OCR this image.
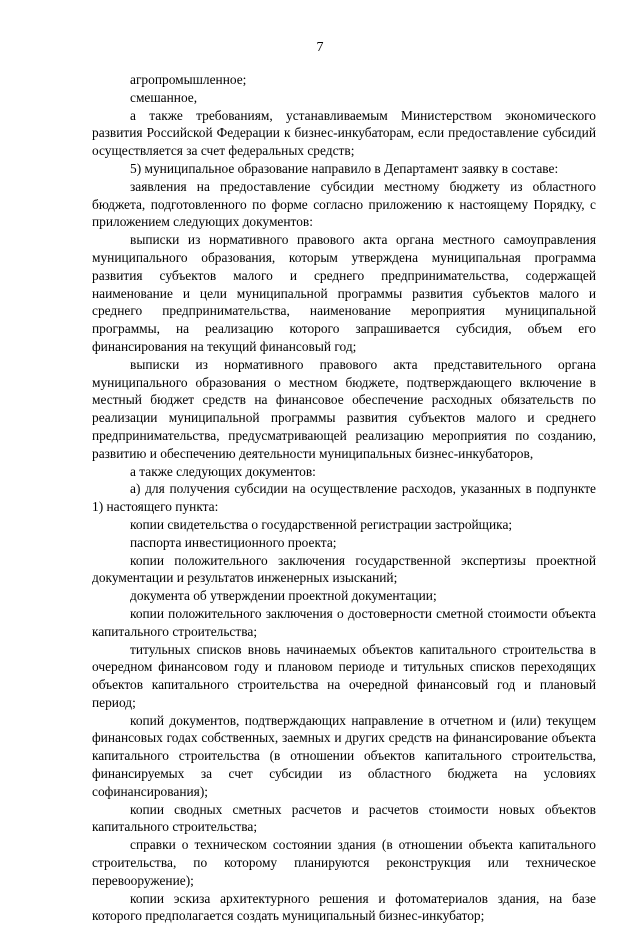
7

агропромышленное;

смешанное,

а также требованиям, устанавливаемым Министерством экономического развития Российской Федерации к бизнес-инкубаторам, если предоставление субсидий осуществляется за счет федеральных средств;

5) муниципальное образование направило в Департамент заявку в составе:

заявления на предоставление субсидии местному бюджету из областного бюджета, подготовленного по форме согласно приложению к настоящему Порядку, с приложением следующих документов:

выписки из нормативного правового акта органа местного самоуправления муниципального образования, которым утверждена муниципальная программа развития субъектов малого и среднего предпринимательства, содержащей наименование и цели муниципальной программы развития субъектов малого и среднего предпринимательства, наименование мероприятия муниципальной программы, на реализацию которого запрашивается субсидия, объем его финансирования на текущий финансовый год;

выписки из нормативного правового акта представительного органа муниципального образования о местном бюджете, подтверждающего включение в местный бюджет средств на финансовое обеспечение расходных обязательств по реализации муниципальной программы развития субъектов малого и среднего предпринимательства, предусматривающей реализацию мероприятия по созданию, развитию и обеспечению деятельности муниципальных бизнес-инкубаторов,

а также следующих документов:

а) для получения субсидии на осуществление расходов, указанных в подпункте 1) настоящего пункта:

копии свидетельства о государственной регистрации застройщика;

паспорта инвестиционного проекта;

копии положительного заключения государственной экспертизы проектной документации и результатов инженерных изысканий;

документа об утверждении проектной документации;

копии положительного заключения о достоверности сметной стоимости объекта капитального строительства;

титульных списков вновь начинаемых объектов капитального строительства в очередном финансовом году и плановом периоде и титульных списков переходящих объектов капитального строительства на очередной финансовый год и плановый период;

копий документов, подтверждающих направление в отчетном и (или) текущем финансовых годах собственных, заемных и других средств на финансирование объекта капитального строительства (в отношении объектов капитального строительства, финансируемых за счет субсидии из областного бюджета на условиях софинансирования);

копии сводных сметных расчетов и расчетов стоимости новых объектов капитального строительства;

справки о техническом состоянии здания (в отношении объекта капитального строительства, по которому планируются реконструкция или техническое перевооружение);

копии эскиза архитектурного решения и фотоматериалов здания, на базе которого предполагается создать муниципальный бизнес-инкубатор;
